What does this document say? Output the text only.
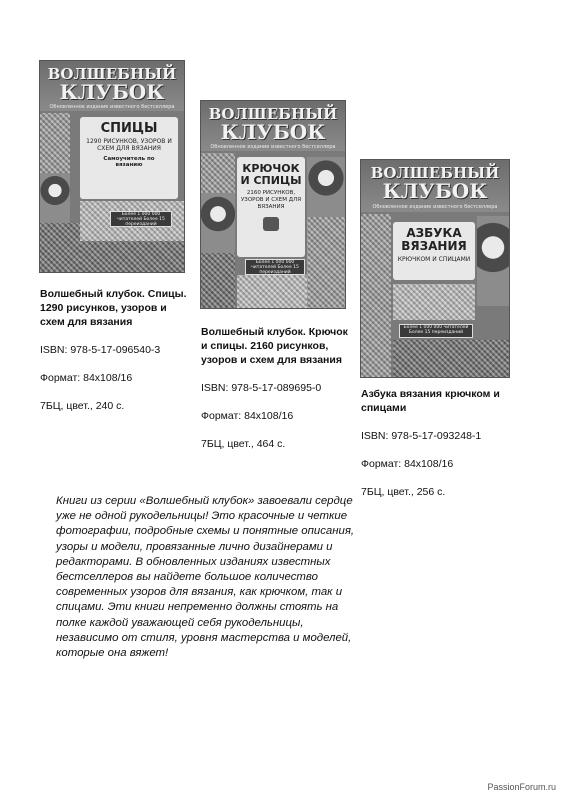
ВОЛШЕБНЫЙ
КЛУБОК
Обновленное издание известного бестселлера
СПИЦЫ
1290 РИСУНКОВ, УЗОРОВ И СХЕМ ДЛЯ ВЯЗАНИЯ
Самоучитель по вязанию
Более 1 000 000 читателей Более 15 переизданий
ВОЛШЕБНЫЙ
КЛУБОК
Обновленное издание известного бестселлера
КРЮЧОК И СПИЦЫ
2160 РИСУНКОВ, УЗОРОВ И СХЕМ ДЛЯ ВЯЗАНИЯ
Более 1 000 000 читателей Более 15 переизданий
ВОЛШЕБНЫЙ
КЛУБОК
Обновленное издание известного бестселлера
АЗБУКА ВЯЗАНИЯ
КРЮЧКОМ И СПИЦАМИ
Более 1 000 000 читателей Более 15 переизданий
Волшебный клубок. Спицы. 1290 рисунков, узоров и схем для вязания
ISBN: 978-5-17-096540-3
Формат: 84x108/16
7БЦ, цвет., 240 с.
Волшебный клубок. Крючок и спицы. 2160 рисунков, узоров и схем для вязания
ISBN: 978-5-17-089695-0
Формат: 84x108/16
7БЦ, цвет., 464 с.
Азбука вязания крючком и спицами
ISBN: 978-5-17-093248-1
Формат: 84x108/16
7БЦ, цвет., 256 с.
Книги из серии «Волшебный клубок» завоевали сердце уже не одной рукодельницы! Это красочные и четкие фотографии, подробные схемы и понятные описания, узоры и модели, провязанные лично дизайнерами и редакторами. В обновленных изданиях известных бестселлеров вы найдете большое количество современных узоров для вязания, как крючком, так и спицами. Эти книги непременно должны стоять на полке каждой уважающей себя рукодельницы, независимо от стиля, уровня мастерства и моделей, которые она вяжет!
PassionForum.ru
